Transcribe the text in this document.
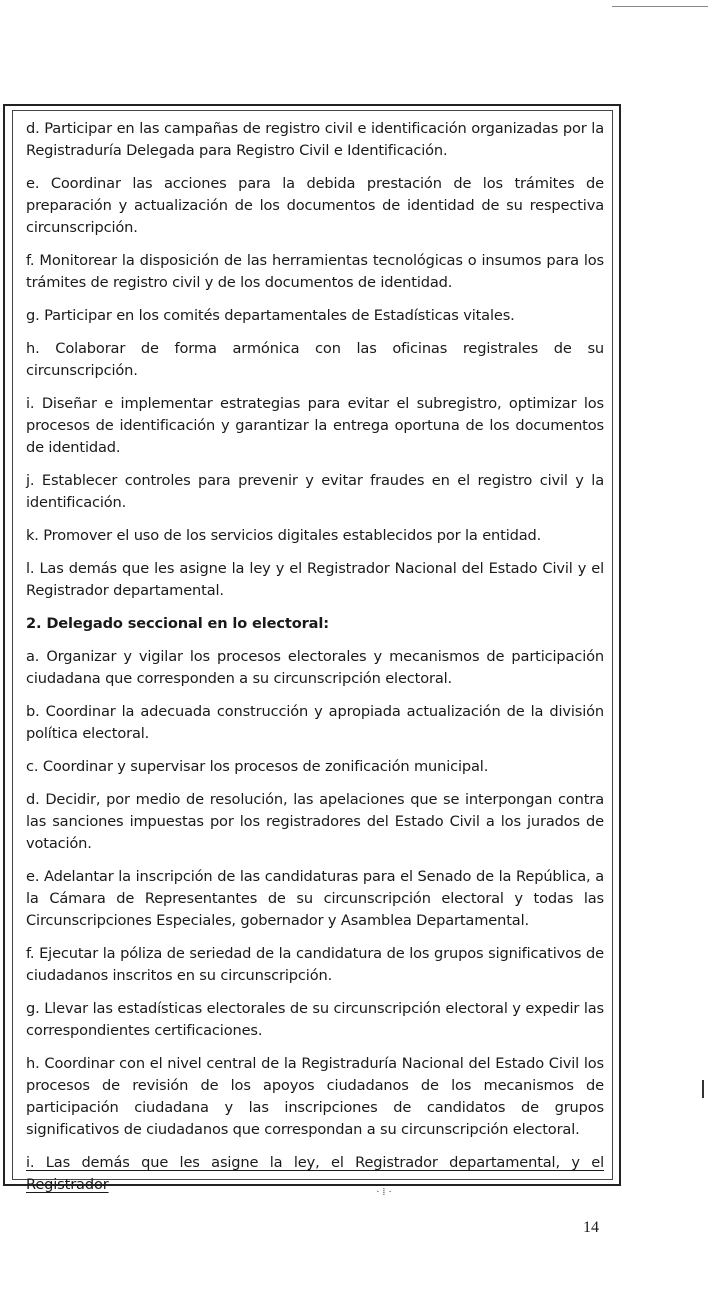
d. Participar en las campañas de registro civil e identificación organizadas por la Registraduría Delegada para Registro Civil e Identificación.

e. Coordinar las acciones para la debida prestación de los trámites de preparación y actualización de los documentos de identidad de su respectiva circunscripción.

f. Monitorear la disposición de las herramientas tecnológicas o insumos para los trámites de registro civil y de los documentos de identidad.

g. Participar en los comités departamentales de Estadísticas vitales.

h. Colaborar de forma armónica con las oficinas registrales de su circunscripción.

i. Diseñar e implementar estrategias para evitar el subregistro, optimizar los procesos de identificación y garantizar la entrega oportuna de los documentos de identidad.

j. Establecer controles para prevenir y evitar fraudes en el registro civil y la identificación.

k. Promover el uso de los servicios digitales establecidos por la entidad.

l. Las demás que les asigne la ley y el Registrador Nacional del Estado Civil y el Registrador departamental.

2. Delegado seccional en lo electoral:

a. Organizar y vigilar los procesos electorales y mecanismos de participación ciudadana que corresponden a su circunscripción electoral.

b. Coordinar la adecuada construcción y apropiada actualización de la división política electoral.

c. Coordinar y supervisar los procesos de zonificación municipal.

d. Decidir, por medio de resolución, las apelaciones que se interpongan contra las sanciones impuestas por los registradores del Estado Civil a los jurados de votación.

e. Adelantar la inscripción de las candidaturas para el Senado de la República, a la Cámara de Representantes de su circunscripción electoral y todas las Circunscripciones Especiales, gobernador y Asamblea Departamental.

f. Ejecutar la póliza de seriedad de la candidatura de los grupos significativos de ciudadanos inscritos en su circunscripción.

g. Llevar las estadísticas electorales de su circunscripción electoral y expedir las correspondientes certificaciones.

h. Coordinar con el nivel central de la Registraduría Nacional del Estado Civil los procesos de revisión de los apoyos ciudadanos de los mecanismos de participación ciudadana y las inscripciones de candidatos de grupos significativos de ciudadanos que correspondan a su circunscripción electoral.

i. Las demás que les asigne la ley, el Registrador departamental, y el Registrador	· ⁞ ·
14
